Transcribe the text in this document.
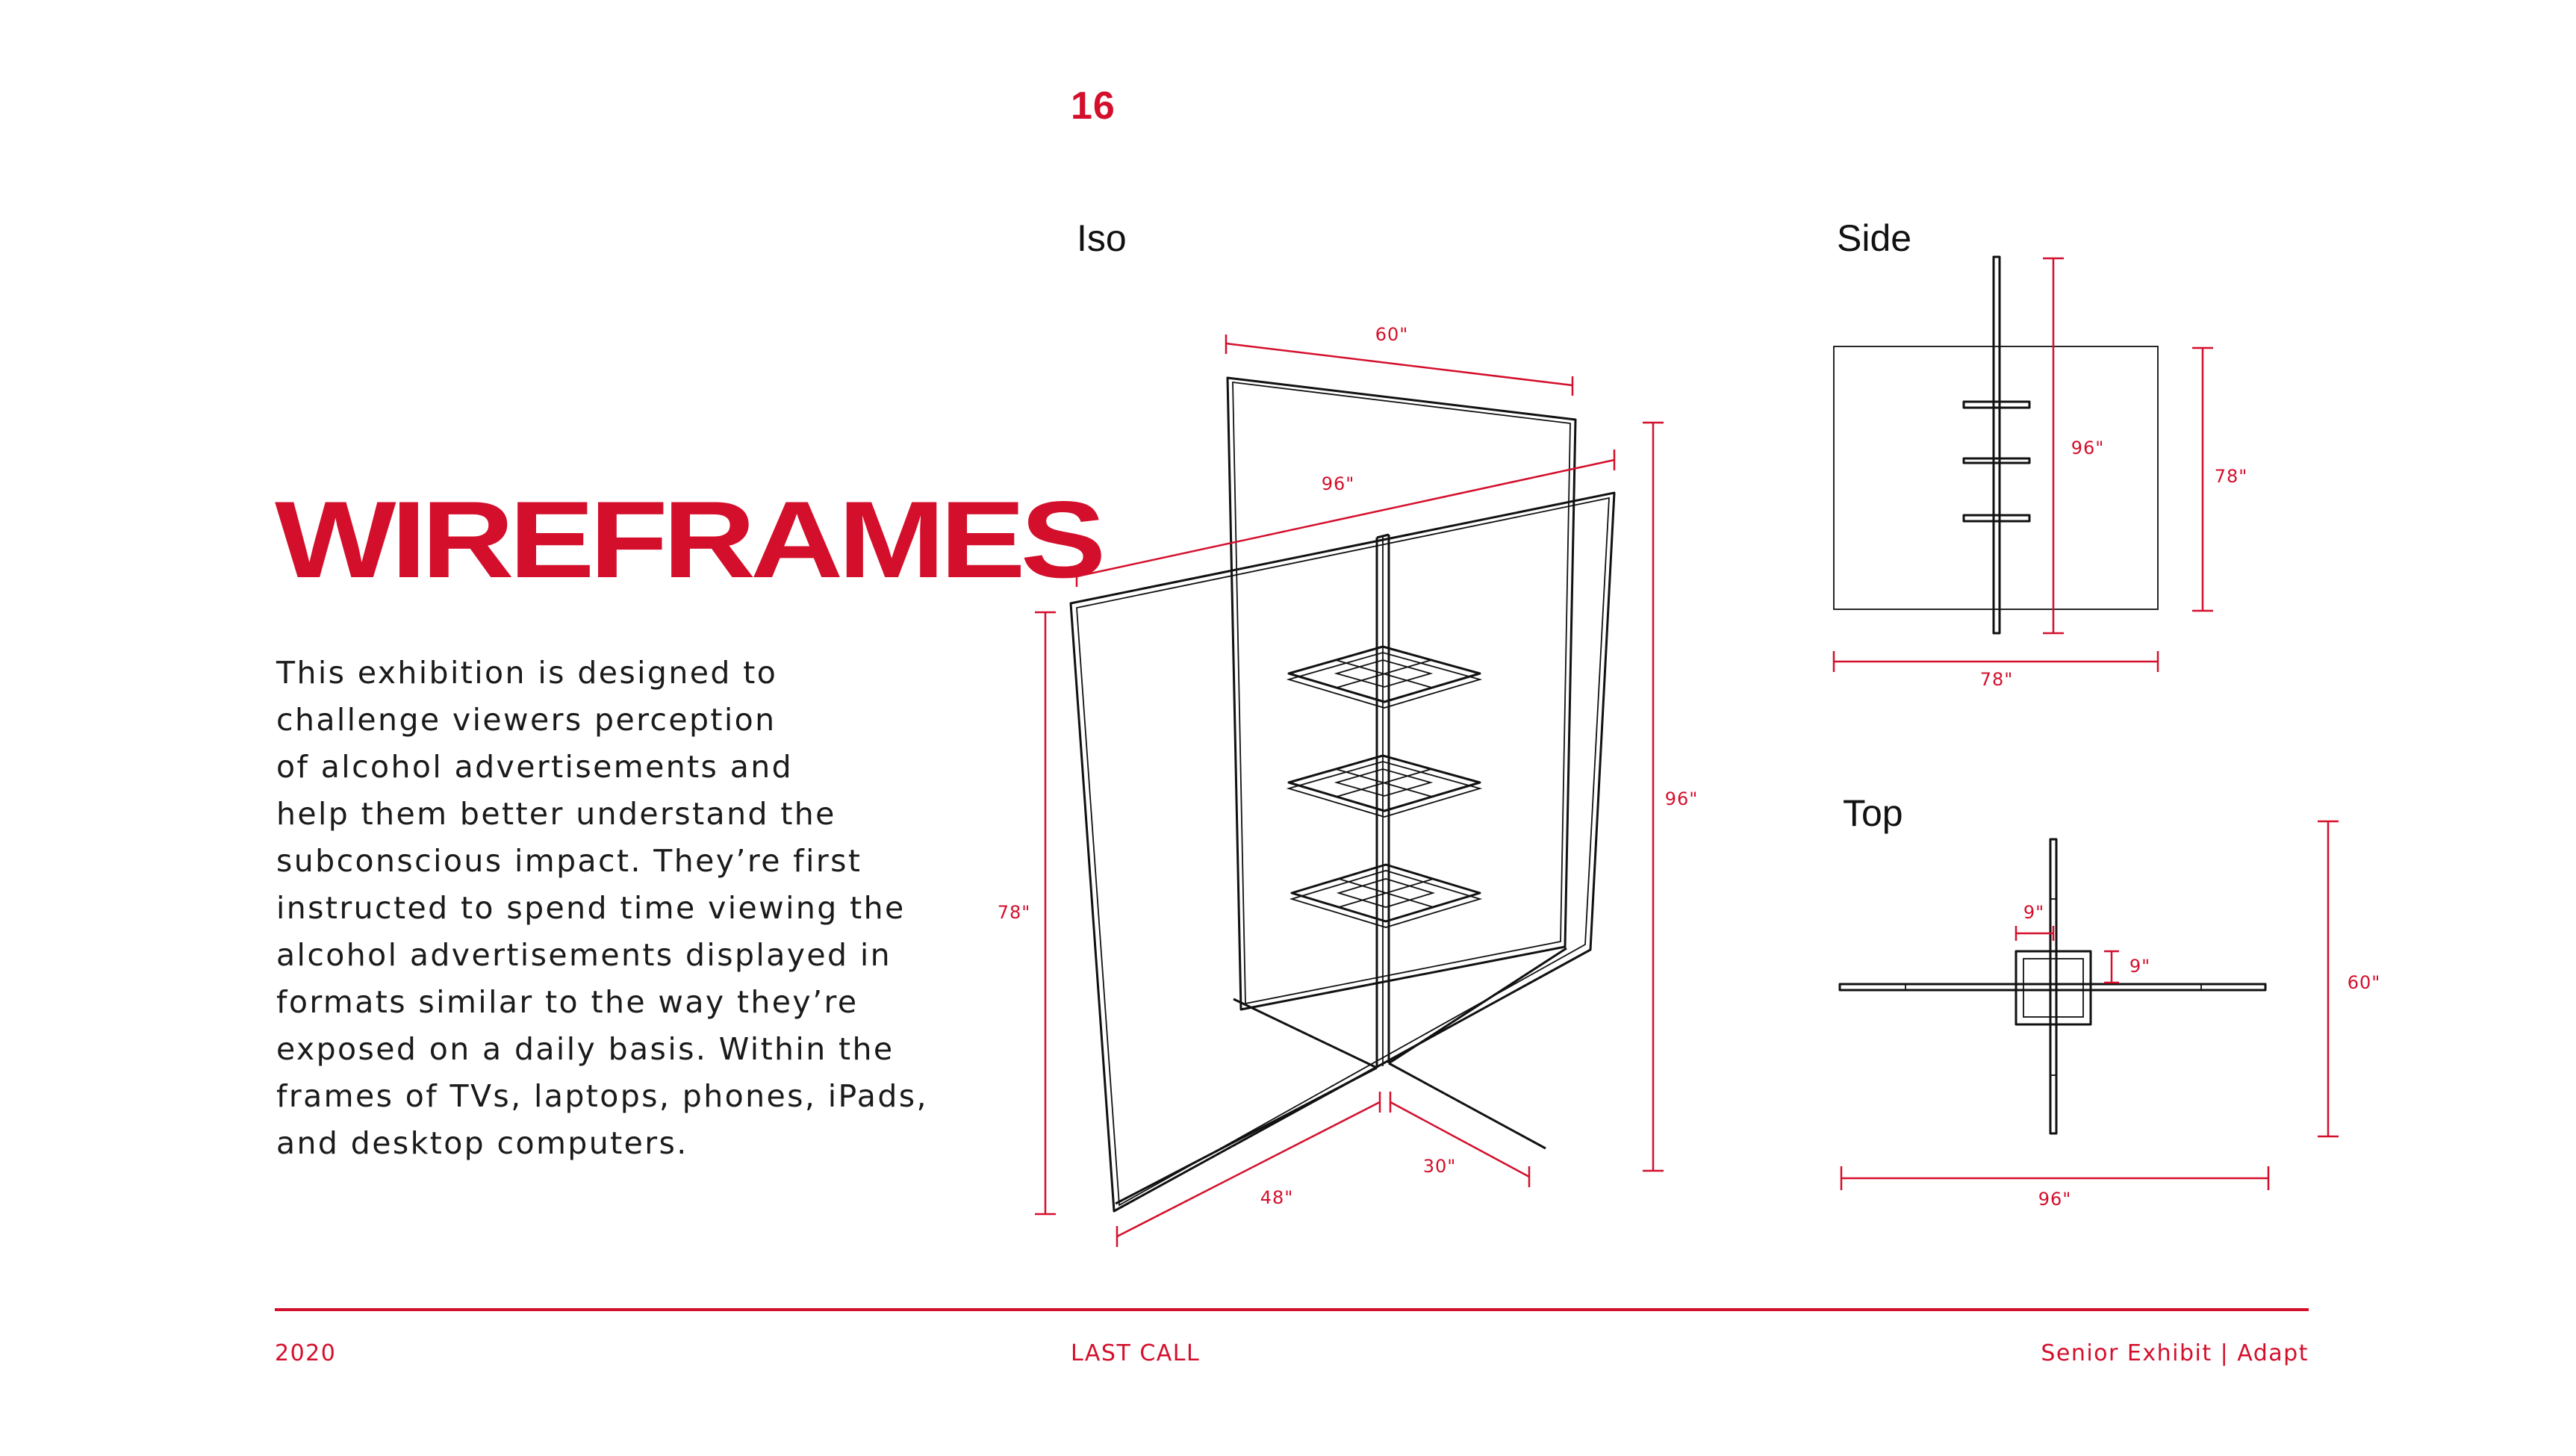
16
WIREFRAMES
This exhibition is designed to
challenge viewers perception
of alcohol advertisements and
help them better understand the
subconscious impact. They’re first
instructed to spend time viewing the
alcohol advertisements displayed in
formats similar to the way they’re
exposed on a daily basis. Within the
frames of TVs, laptops, phones, iPads,
and desktop computers.
Iso	Side
Top
60"
96"
78"
96"
48"
30"
96"
78"
78"
9"
9"
60"
96"
2020	LAST CALL	Senior Exhibit | Adapt
